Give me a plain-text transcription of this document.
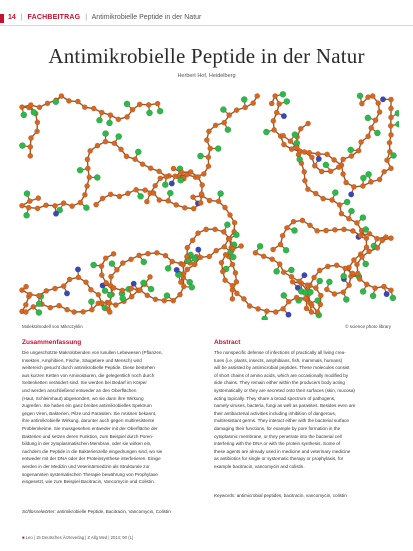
14 | FACHBEITRAG | Antimikrobielle Peptide in der Natur
Antimikrobielle Peptide in der Natur
Herbert Hof, Heidelberg
Molekülmodell von Mikrozyklin	© science photo library
Zusammenfassung	Abstract

Die ungeschützte Makrolobenden von lusullen Lebewesen (Pflanzen,

Insekten, Amphibien, Fische, Säugetiere und Mensch) wird

weitereich gesucht durch antimikrobielle Peptide. Diese bestehen

aus kurzen Ketten von Aminosäuren, die gelegentlich noch durch

Seitenketten verändert sind. Sie werden bei Bedarf im Körper

und werden anschließend entweder an den Oberflächen

(Haut, Schleimhaut) abgesondert, wo sie dann ihre Wirkung

zugreifen. Sie haben ein ganz breites antimikrobielles Spektrum

gegen Viren, Bakterien, Pilze und Parasiten. Sie müssen bekannt,

ihre antimikrobielle Wirkung, darunter auch gegen multiresistente

Problemkeime. Sie mussgesehen entweder mit der Oberfläche der

Bakterien und setzen deren Funktion, zum Beispiel durch Poren-

bildung in der zytoplasmatischen Membran, oder sie wirken ein,

nachdem die Peptide in die Bakterienzelle eingedrungen sind, wo sie

entweder mit der DNA oder der Proteinsynthese interferieren. Einige

werden in der Medizin und Veterinärmedizin als Strukturale zur

sogenannten systematischen Therapie bewährung von Prophylaxe

eingesetzt, wie zum Beispiel Bacitracin, Vancomycin und Colistin.

The nonspecific defense of infections of practically all living crea-

tures (i.e. plants, insects, amphibians, fish, mammals, humans)

will be assisted by antimicrobial peptides. These molecules consist

of short chains of amino acids, which are occasionally modified by

side chains. They remain either within the producers body acting

systematically or they are secreted onto their surfaces (skin, mucosa)

acting topically. They share a broad spectrum of pathogens,

namely viruses, bacteria, fungi as well as parasites. Besides even are

their antibacterial activities including inhibition of dangerous,

multiresistant germs. They interact either with the bacterial surface

damaging their functions, for example by pore formation in the

cytoplasmic membrane, or they penetrate into the bacterial cell

interfering with the DNA or with the protein synthesis. Some of

these agents are already used in medicine and veterinary medicine

as antibiotics for single or systematic therapy or prophylaxis, for

example bacitracin, vancomycin and colistin.

Schlüsselwörter: antimikrobielle Peptide, Bacitracin, Vancomycin, Colistin
Keywords: antimicrobial peptides, bacitracin, vancomycin, colistin
■ Leo | 15 Deutsches Ärzteverlag | Z Allg Med | 2014; 90 (1)
